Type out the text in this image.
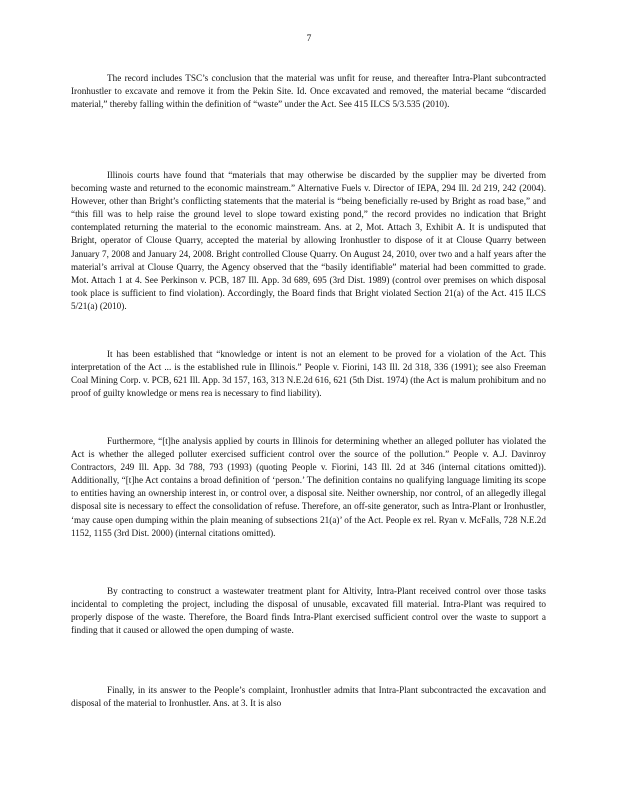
7

The record includes TSC’s conclusion that the material was unfit for reuse, and thereafter Intra-Plant subcontracted Ironhustler to excavate and remove it from the Pekin Site. Id. Once excavated and removed, the material became “discarded material,” thereby falling within the definition of “waste” under the Act. See 415 ILCS 5/3.535 (2010).

Illinois courts have found that “materials that may otherwise be discarded by the supplier may be diverted from becoming waste and returned to the economic mainstream.” Alternative Fuels v. Director of IEPA, 294 Ill. 2d 219, 242 (2004). However, other than Bright’s conflicting statements that the material is “being beneficially re-used by Bright as road base,” and “this fill was to help raise the ground level to slope toward existing pond,” the record provides no indication that Bright contemplated returning the material to the economic mainstream. Ans. at 2, Mot. Attach 3, Exhibit A. It is undisputed that Bright, operator of Clouse Quarry, accepted the material by allowing Ironhustler to dispose of it at Clouse Quarry between January 7, 2008 and January 24, 2008. Bright controlled Clouse Quarry. On August 24, 2010, over two and a half years after the material’s arrival at Clouse Quarry, the Agency observed that the “basily identifiable” material had been committed to grade. Mot. Attach 1 at 4. See Perkinson v. PCB, 187 Ill. App. 3d 689, 695 (3rd Dist. 1989) (control over premises on which disposal took place is sufficient to find violation). Accordingly, the Board finds that Bright violated Section 21(a) of the Act. 415 ILCS 5/21(a) (2010).

It has been established that “knowledge or intent is not an element to be proved for a violation of the Act. This interpretation of the Act ... is the established rule in Illinois.” People v. Fiorini, 143 Ill. 2d 318, 336 (1991); see also Freeman Coal Mining Corp. v. PCB, 621 Ill. App. 3d 157, 163, 313 N.E.2d 616, 621 (5th Dist. 1974) (the Act is malum prohibitum and no proof of guilty knowledge or mens rea is necessary to find liability).

Furthermore, “[t]he analysis applied by courts in Illinois for determining whether an alleged polluter has violated the Act is whether the alleged polluter exercised sufficient control over the source of the pollution.” People v. A.J. Davinroy Contractors, 249 Ill. App. 3d 788, 793 (1993) (quoting People v. Fiorini, 143 Ill. 2d at 346 (internal citations omitted)). Additionally, “[t]he Act contains a broad definition of ‘person.’ The definition contains no qualifying language limiting its scope to entities having an ownership interest in, or control over, a disposal site. Neither ownership, nor control, of an allegedly illegal disposal site is necessary to effect the consolidation of refuse. Therefore, an off-site generator, such as Intra-Plant or Ironhustler, ‘may cause open dumping within the plain meaning of subsections 21(a)’ of the Act. People ex rel. Ryan v. McFalls, 728 N.E.2d 1152, 1155 (3rd Dist. 2000) (internal citations omitted).

By contracting to construct a wastewater treatment plant for Altivity, Intra-Plant received control over those tasks incidental to completing the project, including the disposal of unusable, excavated fill material. Intra-Plant was required to properly dispose of the waste. Therefore, the Board finds Intra-Plant exercised sufficient control over the waste to support a finding that it caused or allowed the open dumping of waste.

Finally, in its answer to the People’s complaint, Ironhustler admits that Intra-Plant subcontracted the excavation and disposal of the material to Ironhustler. Ans. at 3. It is also
